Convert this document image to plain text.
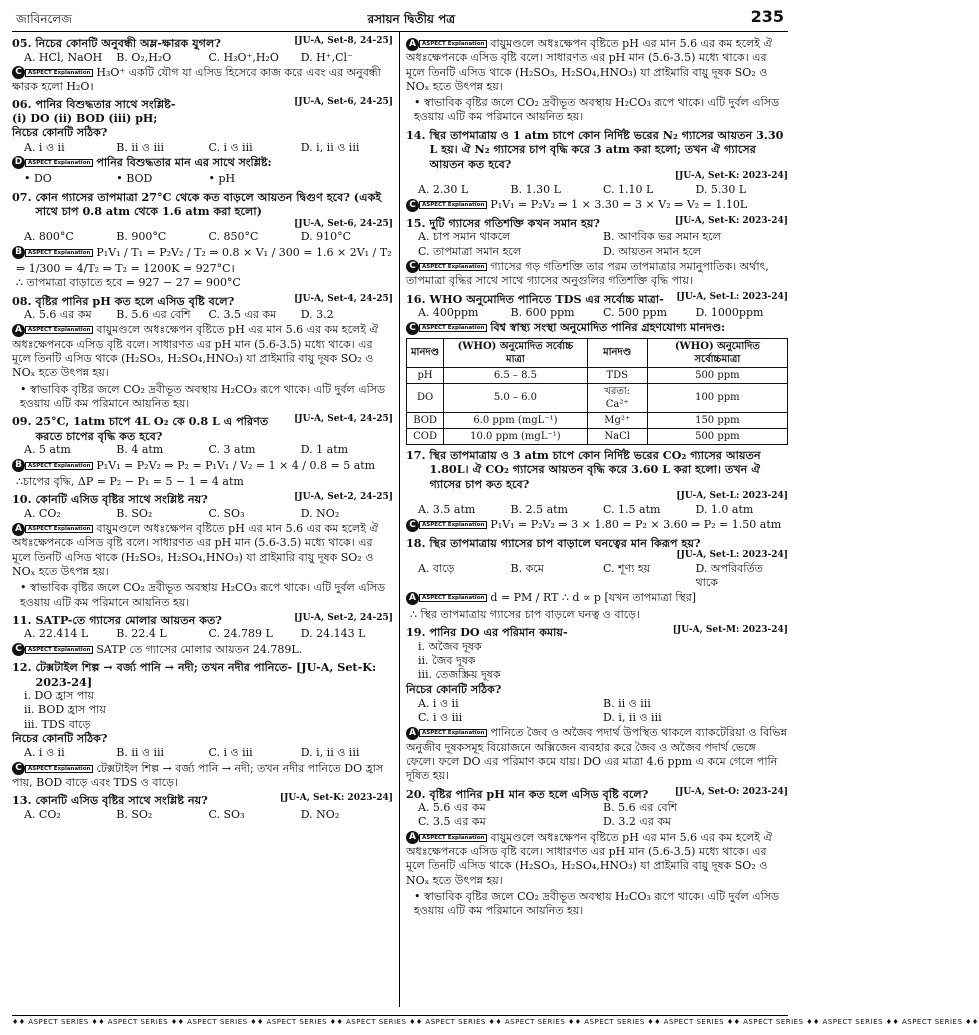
জাবিনলেজ	রসায়ন দ্বিতীয় পত্র	235
05. নিচের কোনটি অনুবন্ধী অম্ল-ক্ষারক যুগল?	[JU-A, Set-8, 24-25]
A. HCl, NaOH	B. O₂,H₂O	C. H₃O⁺,H₂O	D. H⁺,Cl⁻
C	ASPECT Explanation H₃O⁺ একটি যৌগ যা এসিড হিসেবে কাজ করে এবং এর অনুবন্ধী ক্ষারক হলো H₂O।
06. পানির বিশুদ্ধতার সাথে সংশ্লিষ্ট-	[JU-A, Set-6, 24-25]
(i) DO (ii) BOD (iii) pH;
নিচের কোনটি সঠিক?
A. i ও ii	B. ii ও iii	C. i ও iii	D. i, ii ও iii
D	ASPECT Explanation পানির বিশুদ্ধতার মান এর সাথে সংশ্লিষ্ট:
• DO	• BOD	• pH
07. কোন গ্যাসের তাপমাত্রা 27°C থেকে কত বাড়লে আয়তন দ্বিগুণ হবে? (একই সাথে চাপ 0.8 atm থেকে 1.6 atm করা হলো)
[JU-A, Set-6, 24-25]
A. 800°C	B. 900°C	C. 850°C	D. 910°C
B	ASPECT Explanation P₁V₁ / T₁ = P₂V₂ / T₂ ⇒ 0.8 × V₁ / 300 = 1.6 × 2V₁ / T₂
⇒ 1/300 = 4/T₂ ⇒ T₂ = 1200K = 927°C।
∴ তাপমাত্রা বাড়াতে হবে = 927 − 27 = 900°C
08. বৃষ্টির পানির pH কত হলে এসিড বৃষ্টি বলে?	[JU-A, Set-4, 24-25]
A. 5.6 এর কম	B. 5.6 এর বেশি	C. 3.5 এর কম	D. 3.2
A	ASPECT Explanation বায়ুমণ্ডলে অধঃক্ষেপন বৃষ্টিতে pH এর মান 5.6 এর কম হলেই ঐ অধঃক্ষেপনকে এসিড বৃষ্টি বলে। সাধারণত এর pH মান (5.6-3.5) মধ্যে থাকে। এর মূলে তিনটি এসিড থাকে (H₂SO₃, H₂SO₄,HNO₃) যা প্রাইমারি বায়ু দূষক SO₂ ও NOₓ হতে উৎপন্ন হয়।
• স্বাভাবিক বৃষ্টির জলে CO₂ দ্রবীভূত অবস্থায় H₂CO₃ রূপে থাকে। এটি দুর্বল এসিড হওয়ায় এটি কম পরিমানে আয়নিত হয়।
09. 25°C, 1atm চাপে 4L O₂ কে 0.8 L এ পরিণত করতে চাপের বৃদ্ধি কত হবে?
[JU-A, Set-4, 24-25]
A. 5 atm	B. 4 atm	C. 3 atm	D. 1 atm
B	ASPECT Explanation P₁V₁ = P₂V₂ ⇒ P₂ = P₁V₁ / V₂ = 1 × 4 / 0.8 = 5 atm
∴চাপের বৃদ্ধি, ΔP = P₂ − P₁ = 5 − 1 = 4 atm
10. কোনটি এসিড বৃষ্টির সাথে সংশ্লিষ্ট নয়?	[JU-A, Set-2, 24-25]
A. CO₂	B. SO₂	C. SO₃	D. NO₂
A	ASPECT Explanation বায়ুমণ্ডলে অধঃক্ষেপন বৃষ্টিতে pH এর মান 5.6 এর কম হলেই ঐ অধঃক্ষেপনকে এসিড বৃষ্টি বলে। সাধারণত এর pH মান (5.6-3.5) মধ্যে থাকে। এর মূলে তিনটি এসিড থাকে (H₂SO₃, H₂SO₄,HNO₃) যা প্রাইমারি বায়ু দূষক SO₂ ও NOₓ হতে উৎপন্ন হয়।
• স্বাভাবিক বৃষ্টির জলে CO₂ দ্রবীভূত অবস্থায় H₂CO₃ রূপে থাকে। এটি দুর্বল এসিড হওয়ায় এটি কম পরিমানে আয়নিত হয়।
11. SATP-তে গ্যাসের মোলার আয়তন কত?	[JU-A, Set-2, 24-25]
A. 22.414 L	B. 22.4 L	C. 24.789 L	D. 24.143 L
C	ASPECT Explanation SATP তে গ্যাসের মোলার আয়তন 24.789L.
12. টেক্সটাইল শিল্প → বর্জ্য পানি → নদী; তখন নদীর পানিতে- [JU-A, Set-K: 2023-24]
i. DO হ্রাস পায়
ii. BOD হ্রাস পায়
iii. TDS বাড়ে
নিচের কোনটি সঠিক?
A. i ও ii	B. ii ও iii	C. i ও iii	D. i, ii ও iii
C	ASPECT Explanation টেক্সটাইল শিল্প → বর্জ্য পানি → নদী; তখন নদীর পানিতে DO হ্রাস পায়, BOD বাড়ে এবং TDS ও বাড়ে।
13. কোনটি এসিড বৃষ্টির সাথে সংশ্লিষ্ট নয়?	[JU-A, Set-K: 2023-24]
A. CO₂	B. SO₂	C. SO₃	D. NO₂
A	ASPECT Explanation বায়ুমণ্ডলে অধঃক্ষেপন বৃষ্টিতে pH এর মান 5.6 এর কম হলেই ঐ অধঃক্ষেপনকে এসিড বৃষ্টি বলে। সাধারণত এর pH মান (5.6-3.5) মধ্যে থাকে। এর মূলে তিনটি এসিড থাকে (H₂SO₃, H₂SO₄,HNO₃) যা প্রাইমারি বায়ু দূষক SO₂ ও NOₓ হতে উৎপন্ন হয়।
• স্বাভাবিক বৃষ্টির জলে CO₂ দ্রবীভূত অবস্থায় H₂CO₃ রূপে থাকে। এটি দুর্বল এসিড হওয়ায় এটি কম পরিমানে আয়নিত হয়।
14. স্থির তাপমাত্রায় ও 1 atm চাপে কোন নির্দিষ্ট ভরের N₂ গ্যাসের আয়তন 3.30 L হয়। ঐ N₂ গ্যাসের চাপ বৃদ্ধি করে 3 atm করা হলো; তখন ঐ গ্যাসের আয়তন কত হবে?
[JU-A, Set-K: 2023-24]
A. 2.30 L	B. 1.30 L	C. 1.10 L	D. 5.30 L
C	ASPECT Explanation P₁V₁ = P₂V₂ ⇒ 1 × 3.30 = 3 × V₂ ⇒ V₂ = 1.10L
15. দুটি গ্যাসের গতিশক্তি কখন সমান হয়?	[JU-A, Set-K: 2023-24]
A. চাপ সমান থাকলে	B. আণবিক ভর সমান হলে
C. তাপমাত্রা সমান হলে	D. আয়তন সমান হলে
C	ASPECT Explanation গ্যাসের গড় গতিশক্তি তার পরম তাপমাত্রার সমানুপাতিক। অর্থাৎ, তাপমাত্রা বৃদ্ধির সাথে সাথে গ্যাসের অনুগুলির গতিশক্তি বৃদ্ধি পায়।
16. WHO অনুমোদিত পানিতে TDS এর সর্বোচ্চ মাত্রা-	[JU-A, Set-L: 2023-24]
A. 400ppm	B. 600 ppm	C. 500 ppm	D. 1000ppm
C	ASPECT Explanation বিশ্ব স্বাস্থ্য সংস্থা অনুমোদিত পানির গ্রহণযোগ্য মানদণ্ড:
মানদণ্ড	(WHO) অনুমোদিত সর্বোচ্চ মাত্রা	মানদণ্ড	(WHO) অনুমোদিত সর্বোচ্চমাত্রা
pH	6.5 – 8.5	TDS	500 ppm
DO	5.0 – 6.0	খরতা: Ca²⁺	100 ppm
BOD	6.0 ppm (mgL⁻¹)	Mg²⁺	150 ppm
COD	10.0 ppm (mgL⁻¹)	NaCl	500 ppm
17. স্থির তাপমাত্রায় ও 3 atm চাপে কোন নির্দিষ্ট ভরের CO₂ গ্যাসের আয়তন 1.80L। ঐ CO₂ গ্যাসের আয়তন বৃদ্ধি করে 3.60 L করা হলো। তখন ঐ গ্যাসের চাপ কত হবে?
[JU-A, Set-L: 2023-24]
A. 3.5 atm	B. 2.5 atm	C. 1.5 atm	D. 1.0 atm
C	ASPECT Explanation P₁V₁ = P₂V₂ ⇒ 3 × 1.80 = P₂ × 3.60 ⇒ P₂ = 1.50 atm
18. স্থির তাপমাত্রায় গ্যাসের চাপ বাড়ালে ঘনত্বের মান কিরূপ হয়?
[JU-A, Set-L: 2023-24]
A. বাড়ে	B. কমে	C. শূণ্য হয়	D. অপরিবর্তিত থাকে
A	ASPECT Explanation d = PM / RT ∴ d ∝ p [যখন তাপমাত্রা স্থির]
∴ স্থির তাপমাত্রায় গ্যাসের চাপ বাড়লে ঘনত্ব ও বাড়ে।
19. পানির DO এর পরিমান কমায়-	[JU-A, Set-M: 2023-24]
i. অজৈব দূষক
ii. জৈব দূষক
iii. তেজস্ক্রিয় দূষক
নিচের কোনটি সঠিক?
A. i ও ii	B. ii ও iii
C. i ও iii	D. i, ii ও iii
A	ASPECT Explanation পানিতে জৈব ও অজৈব পদার্থ উপস্থিত থাকলে ব্যাকটেরিয়া ও বিভিন্ন অনুজীব দূষকসমূহ বিয়োজনে অক্সিজেন ব্যবহার করে জৈব ও অজৈব পদার্থ ভেঙ্গে ফেলে। ফলে DO এর পরিমাণ কমে যায়। DO এর মাত্রা 4.6 ppm এ কমে গেলে পানি দূষিত হয়।
20. বৃষ্টির পানির pH মান কত হলে এসিড বৃষ্টি বলে?	[JU-A, Set-O: 2023-24]
A. 5.6 এর কম	B. 5.6 এর বেশি
C. 3.5 এর কম	D. 3.2 এর কম
A	ASPECT Explanation বায়ুমণ্ডলে অধঃক্ষেপন বৃষ্টিতে pH এর মান 5.6 এর কম হলেই ঐ অধঃক্ষেপনকে এসিড বৃষ্টি বলে। সাধারণত এর pH মান (5.6-3.5) মধ্যে থাকে। এর মূলে তিনটি এসিড থাকে (H₂SO₃, H₂SO₄,HNO₃) যা প্রাইমারি বায়ু দূষক SO₂ ও NOₓ হতে উৎপন্ন হয়।
• স্বাভাবিক বৃষ্টির জলে CO₂ দ্রবীভূত অবস্থায় H₂CO₃ রূপে থাকে। এটি দুর্বল এসিড হওয়ায় এটি কম পরিমানে আয়নিত হয়।
♦♦ ASPECT SERIES ♦♦ ASPECT SERIES ♦♦ ASPECT SERIES ♦♦ ASPECT SERIES ♦♦ ASPECT SERIES ♦♦ ASPECT SERIES ♦♦ ASPECT SERIES ♦♦ ASPECT SERIES ♦♦ ASPECT SERIES ♦♦ ASPECT SERIES ♦♦ ASPECT SERIES ♦♦ ASPECT SERIES ♦♦
